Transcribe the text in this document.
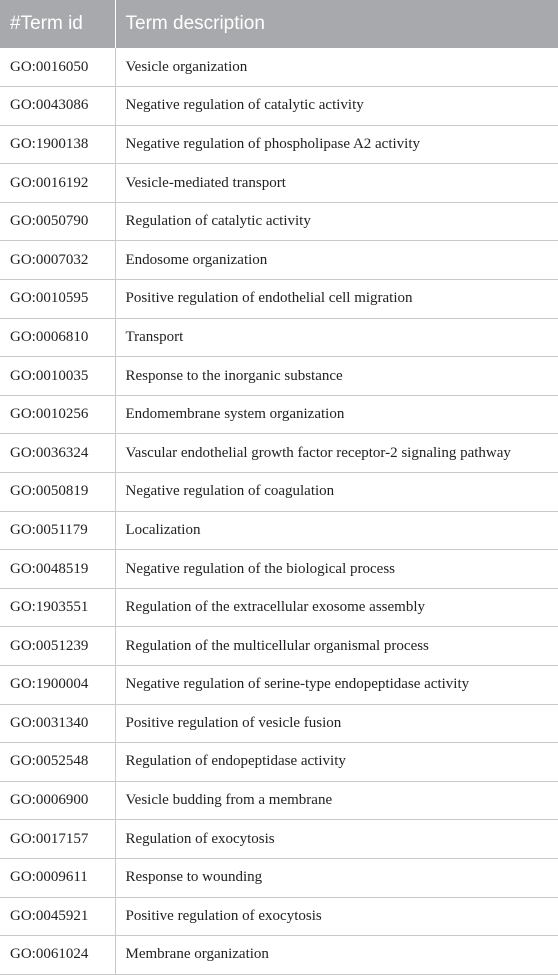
#Term id	Term description
GO:0016050	Vesicle organization
GO:0043086	Negative regulation of catalytic activity
GO:1900138	Negative regulation of phospholipase A2 activity
GO:0016192	Vesicle-mediated transport
GO:0050790	Regulation of catalytic activity
GO:0007032	Endosome organization
GO:0010595	Positive regulation of endothelial cell migration
GO:0006810	Transport
GO:0010035	Response to the inorganic substance
GO:0010256	Endomembrane system organization
GO:0036324	Vascular endothelial growth factor receptor-2 signaling pathway
GO:0050819	Negative regulation of coagulation
GO:0051179	Localization
GO:0048519	Negative regulation of the biological process
GO:1903551	Regulation of the extracellular exosome assembly
GO:0051239	Regulation of the multicellular organismal process
GO:1900004	Negative regulation of serine-type endopeptidase activity
GO:0031340	Positive regulation of vesicle fusion
GO:0052548	Regulation of endopeptidase activity
GO:0006900	Vesicle budding from a membrane
GO:0017157	Regulation of exocytosis
GO:0009611	Response to wounding
GO:0045921	Positive regulation of exocytosis
GO:0061024	Membrane organization
